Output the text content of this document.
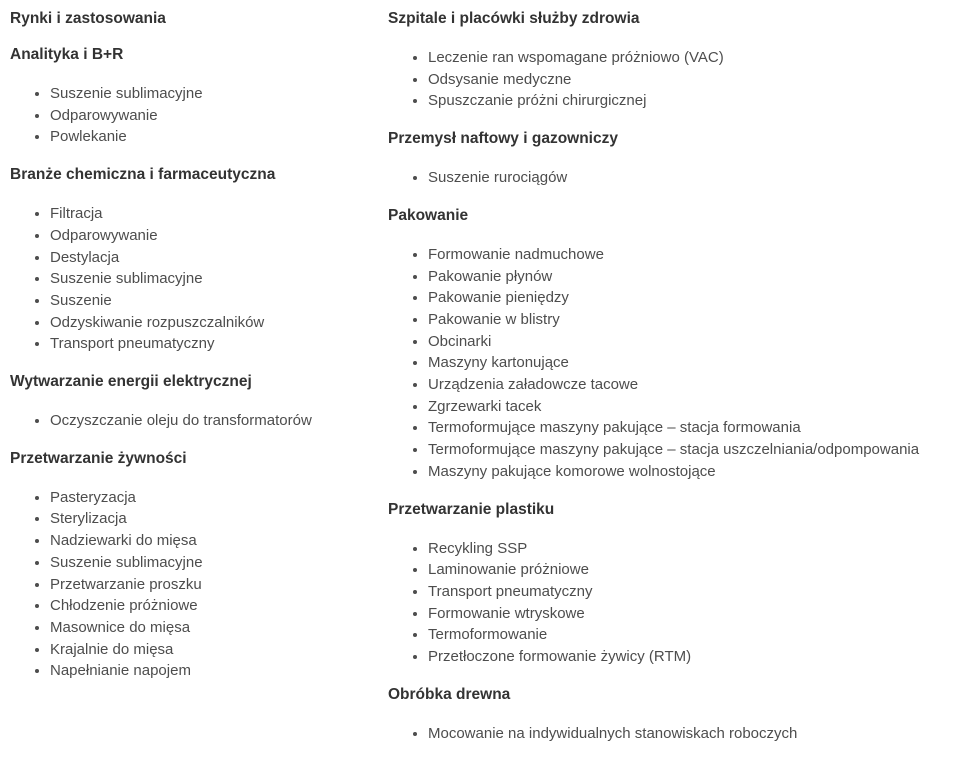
Rynki i zastosowania
Analityka i B+R
• Suszenie sublimacyjne
• Odparowywanie
• Powlekanie
Branże chemiczna i farmaceutyczna
• Filtracja
• Odparowywanie
• Destylacja
• Suszenie sublimacyjne
• Suszenie
• Odzyskiwanie rozpuszczalników
• Transport pneumatyczny
Wytwarzanie energii elektrycznej
• Oczyszczanie oleju do transformatorów
Przetwarzanie żywności
• Pasteryzacja
• Sterylizacja
• Nadziewarki do mięsa
• Suszenie sublimacyjne
• Przetwarzanie proszku
• Chłodzenie próżniowe
• Masownice do mięsa
• Krajalnie do mięsa
• Napełnianie napojem
Szpitale i placówki służby zdrowia
• Leczenie ran wspomagane próżniowo (VAC)
• Odsysanie medyczne
• Spuszczanie próżni chirurgicznej
Przemysł naftowy i gazowniczy
• Suszenie rurociągów
Pakowanie
• Formowanie nadmuchowe
• Pakowanie płynów
• Pakowanie pieniędzy
• Pakowanie w blistry
• Obcinarki
• Maszyny kartonujące
• Urządzenia załadowcze tacowe
• Zgrzewarki tacek
• Termoformujące maszyny pakujące – stacja formowania
• Termoformujące maszyny pakujące – stacja uszczelniania/odpompowania
• Maszyny pakujące komorowe wolnostojące
Przetwarzanie plastiku
• Recykling SSP
• Laminowanie próżniowe
• Transport pneumatyczny
• Formowanie wtryskowe
• Termoformowanie
• Przetłoczone formowanie żywicy (RTM)
Obróbka drewna
• Mocowanie na indywidualnych stanowiskach roboczych
